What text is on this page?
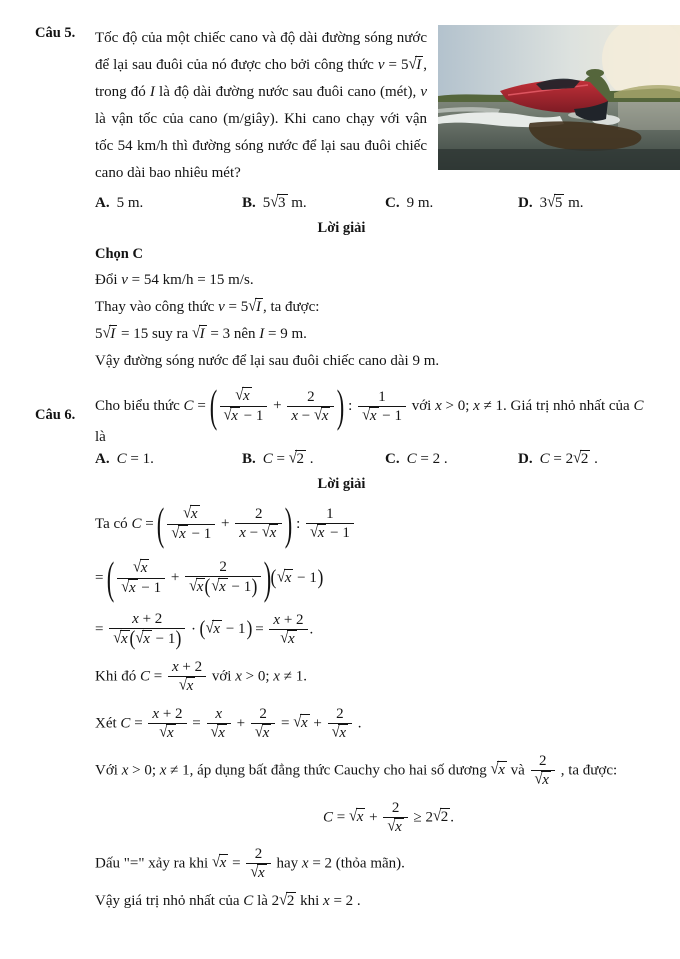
Câu 5.	Tốc độ của một chiếc cano và độ dài đường sóng nước để lại sau đuôi của nó được cho bởi công thức v = 5√I , trong đó I là độ dài đường nước sau đuôi cano (mét), v là vận tốc của cano (m/giây). Khi cano chạy với vận tốc 54 km/h thì đường sóng nước để lại sau đuôi chiếc cano dài bao nhiêu mét?

A. 5 m.	B. 5√3 m.	C. 9 m.	D. 3√5 m.
Lời giải

Chọn C

Đổi v = 54 km/h = 15 m/s.

Thay vào công thức v = 5√I , ta được:

5√I = 15 suy ra √I = 3 nên I = 9 m.

Vậy đường sóng nước để lại sau đuôi chiếc cano dài 9 m.

Câu 6.

Cho biểu thức C = ( $\frac{√x}{√x - 1} + \frac{2}{x - √x}$ ) : $\frac{1}{√x - 1}$ với x > 0; x ≠ 1. Giá trị nhỏ nhất của C là

A. C = 1.	B. C = √2 .	C. C = 2 .	D. C = 2√2 .
Lời giải

Ta có C = ( $\frac{√x}{√x - 1} + \frac{2}{x - √x}$ ) : $\frac{1}{√x - 1}$

= ( $\frac{√x}{√x - 1} + \frac{2}{√x ( √x - 1 )}$ ) ( √x − 1 )

= $\frac{x + 2}{√x ( √x - 1 )}$ · ( √x − 1 ) = $\frac{x + 2}{√x}$ .

Khi đó $C = \frac{x + 2}{√x}$ với x > 0; x ≠ 1.

Xét $C = \frac{x + 2}{√x} = \frac{x}{√x} + \frac{2}{√x} = √x + \frac{2}{√x}$ .

Với x > 0; x ≠ 1, áp dụng bất đẳng thức Cauchy cho hai số dương √x và $\frac{2}{√x}$ , ta được:

$C = √x + \frac{2}{√x} \ge 2√2$ .

Dấu "=" xảy ra khi $√x = \frac{2}{√x}$ hay x = 2 (thỏa mãn).

Vậy giá trị nhỏ nhất của C là 2√2 khi x = 2 .
